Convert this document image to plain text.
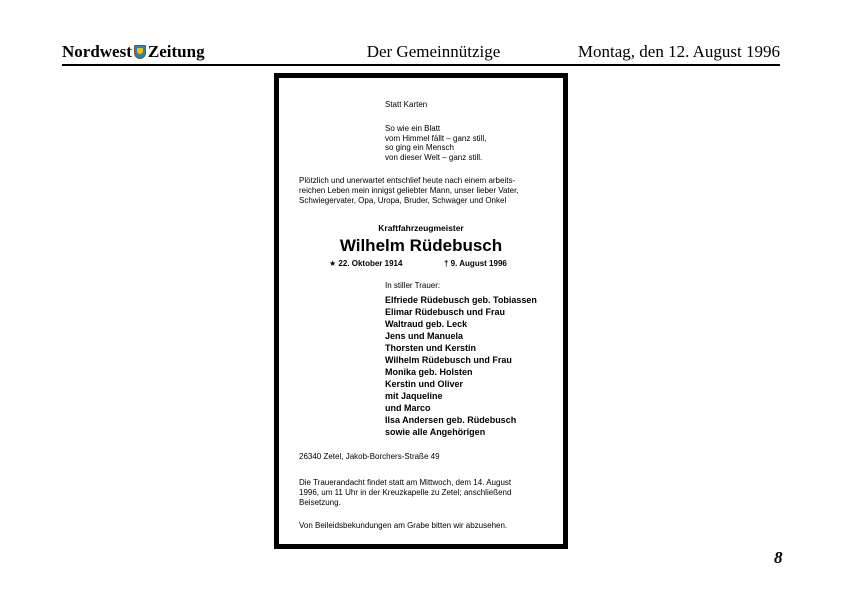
Nordwest Zeitung	Der Gemeinnützige	Montag, den 12. August 1996
Statt Karten
So wie ein Blatt
vom Himmel fällt – ganz still,
so ging ein Mensch
von dieser Welt – ganz still.
Plötzlich und unerwartet entschlief heute nach einem arbeits-
reichen Leben mein innigst geliebter Mann, unser lieber Vater,
Schwiegervater, Opa, Uropa, Bruder, Schwager und Onkel
Kraftfahrzeugmeister
Wilhelm Rüdebusch
★ 22. Oktober 1914	† 9. August 1996
In stiller Trauer:
Elfriede Rüdebusch geb. Tobiassen
Elimar Rüdebusch und Frau
Waltraud geb. Leck
Jens und Manuela
Thorsten und Kerstin
Wilhelm Rüdebusch und Frau
Monika geb. Holsten
Kerstin und Oliver
mit Jaqueline
und Marco
Ilsa Andersen geb. Rüdebusch
sowie alle Angehörigen
26340 Zetel, Jakob-Borchers-Straße 49
Die Trauerandacht findet statt am Mittwoch, dem 14. August
1996, um 11 Uhr in der Kreuzkapelle zu Zetel; anschließend
Beisetzung.
Von Beileidsbekundungen am Grabe bitten wir abzusehen.
8
